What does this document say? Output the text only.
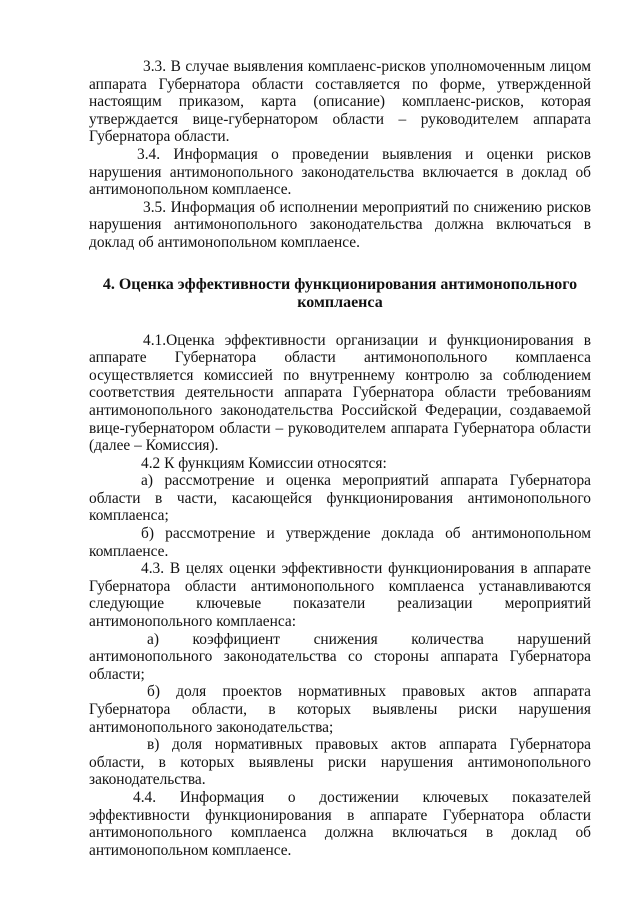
3.3. В случае выявления комплаенс-рисков уполномоченным лицом аппарата Губернатора области составляется по форме, утвержденной настоящим приказом, карта (описание) комплаенс-рисков, которая утверждается вице-губернатором области – руководителем аппарата Губернатора области.

3.4. Информация о проведении выявления и оценки рисков нарушения антимонопольного законодательства включается в доклад об антимонопольном комплаенсе.

3.5. Информация об исполнении мероприятий по снижению рисков нарушения антимонопольного законодательства должна включаться в доклад об антимонопольном комплаенсе.

4. Оценка эффективности функционирования антимонопольного комплаенса

4.1.Оценка эффективности организации и функционирования в аппарате Губернатора области антимонопольного комплаенса осуществляется комиссией по внутреннему контролю за соблюдением соответствия деятельности аппарата Губернатора области требованиям антимонопольного законодательства Российской Федерации, создаваемой вице-губернатором области – руководителем аппарата Губернатора области (далее – Комиссия).

4.2 К функциям Комиссии относятся:

а) рассмотрение и оценка мероприятий аппарата Губернатора области в части, касающейся функционирования антимонопольного комплаенса;

б) рассмотрение и утверждение доклада об антимонопольном комплаенсе.

4.3. В целях оценки эффективности функционирования в аппарате Губернатора области антимонопольного комплаенса устанавливаются следующие ключевые показатели реализации мероприятий антимонопольного комплаенса:

а) коэффициент снижения количества нарушений антимонопольного законодательства со стороны аппарата Губернатора области;

б) доля проектов нормативных правовых актов аппарата Губернатора области, в которых выявлены риски нарушения антимонопольного законодательства;

в) доля нормативных правовых актов аппарата Губернатора области, в которых выявлены риски нарушения антимонопольного законодательства.

4.4. Информация о достижении ключевых показателей эффективности функционирования в аппарате Губернатора области антимонопольного комплаенса должна включаться в доклад об антимонопольном комплаенсе.
